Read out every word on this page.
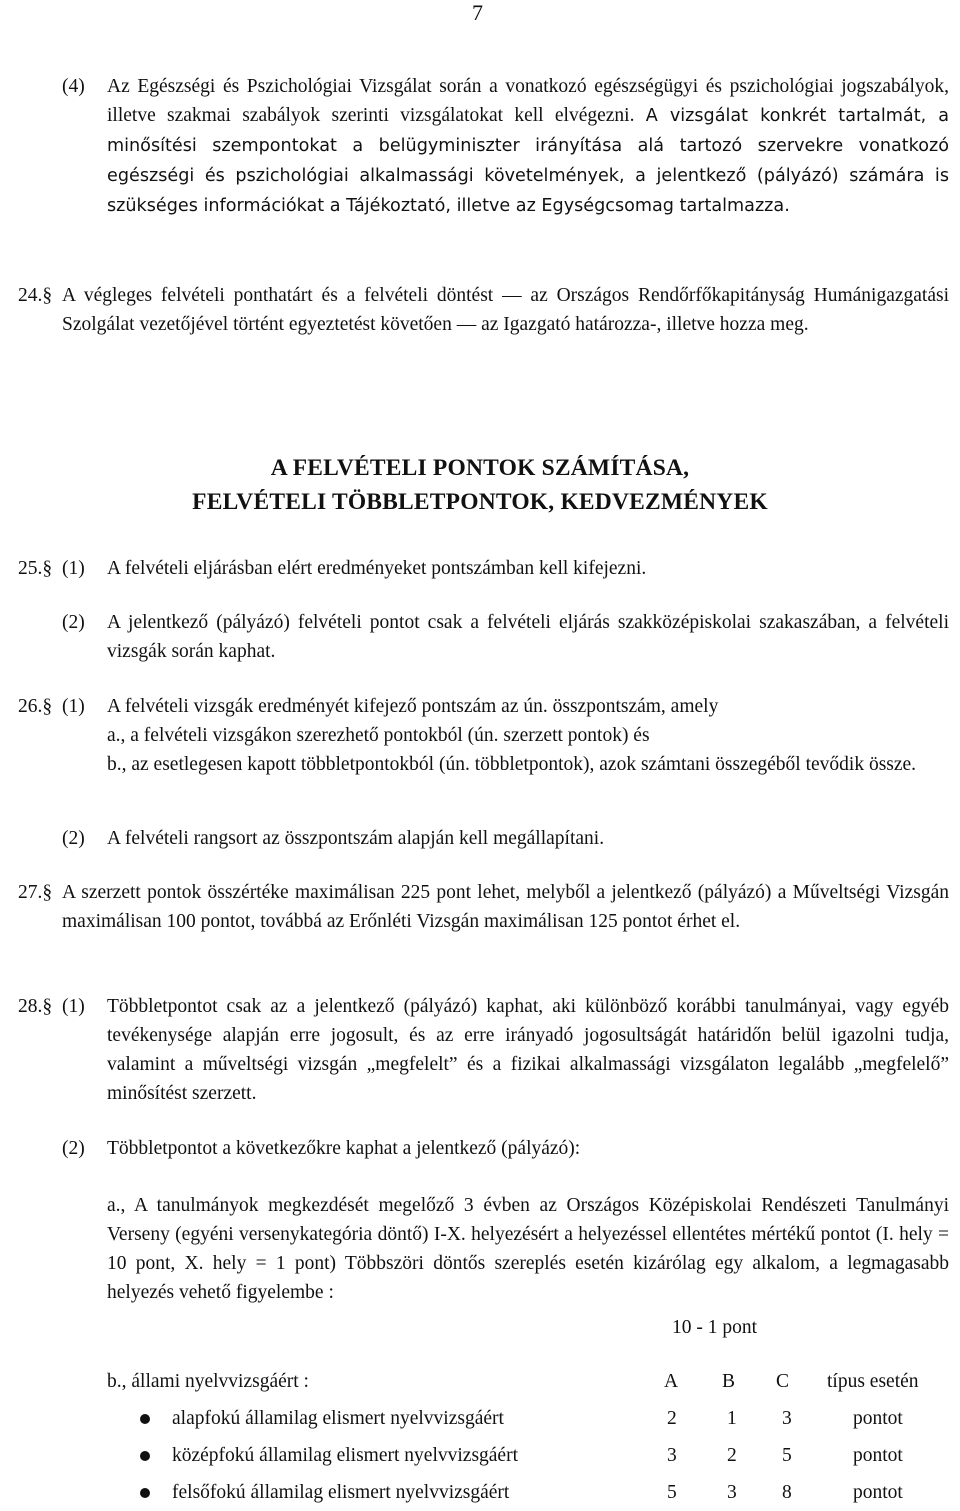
7
(4) Az Egészségi és Pszichológiai Vizsgálat során a vonatkozó egészségügyi és pszichológiai jogszabályok, illetve szakmai szabályok szerinti vizsgálatokat kell elvégezni. A vizsgálat konkrét tartalmát, a minősítési szempontokat a belügyminiszter irányítása alá tartozó szervekre vonatkozó egészségi és pszichológiai alkalmassági követelmények, a jelentkező (pályázó) számára is szükséges információkat a Tájékoztató, illetve az Egységcsomag tartalmazza.
24.§ A végleges felvételi ponthatárt és a felvételi döntést — az Országos Rendőrfőkapitányság Humánigazgatási Szolgálat vezetőjével történt egyeztetést követően — az Igazgató határozza-, illetve hozza meg.
A FELVÉTELI PONTOK SZÁMÍTÁSA,
FELVÉTELI TÖBBLETPONTOK, KEDVEZMÉNYEK
25.§ (1) A felvételi eljárásban elért eredményeket pontszámban kell kifejezni.
(2) A jelentkező (pályázó) felvételi pontot csak a felvételi eljárás szakközépiskolai szakaszában, a felvételi vizsgák során kaphat.
26.§ (1) A felvételi vizsgák eredményét kifejező pontszám az ún. összpontszám, amely
a., a felvételi vizsgákon szerezhető pontokból (ún. szerzett pontok) és
b., az esetlegesen kapott többletpontokból (ún. többletpontok), azok számtani összegéből tevődik össze.
(2) A felvételi rangsort az összpontszám alapján kell megállapítani.
27.§ A szerzett pontok összértéke maximálisan 225 pont lehet, melyből a jelentkező (pályázó) a Műveltségi Vizsgán maximálisan 100 pontot, továbbá az Erőnléti Vizsgán maximálisan 125 pontot érhet el.
28.§ (1) Többletpontot csak az a jelentkező (pályázó) kaphat, aki különböző korábbi tanulmányai, vagy egyéb tevékenysége alapján erre jogosult, és az erre irányadó jogosultságát határidőn belül igazolni tudja, valamint a műveltségi vizsgán „megfelelt” és a fizikai alkalmassági vizsgálaton legalább „megfelelő” minősítést szerzett.
(2) Többletpontot a következőkre kaphat a jelentkező (pályázó):
a., A tanulmányok megkezdését megelőző 3 évben az Országos Középiskolai Rendészeti Tanulmányi Verseny (egyéni versenykategória döntő) I-X. helyezésért a helyezéssel ellentétes mértékű pontot (I. hely = 10 pont, X. hely = 1 pont) Többszöri döntős szereplés esetén kizárólag egy alkalom, a legmagasabb helyezés vehető figyelembe :
10 - 1 pont
b., állami nyelvvizsgáért :	A B C típus esetén
alapfokú államilag elismert nyelvvizsgáért	2	1 3	pontot
középfokú államilag elismert nyelvvizsgáért	3	2 5	pontot
felsőfokú államilag elismert nyelvvizsgáért	5	3 8	pontot
